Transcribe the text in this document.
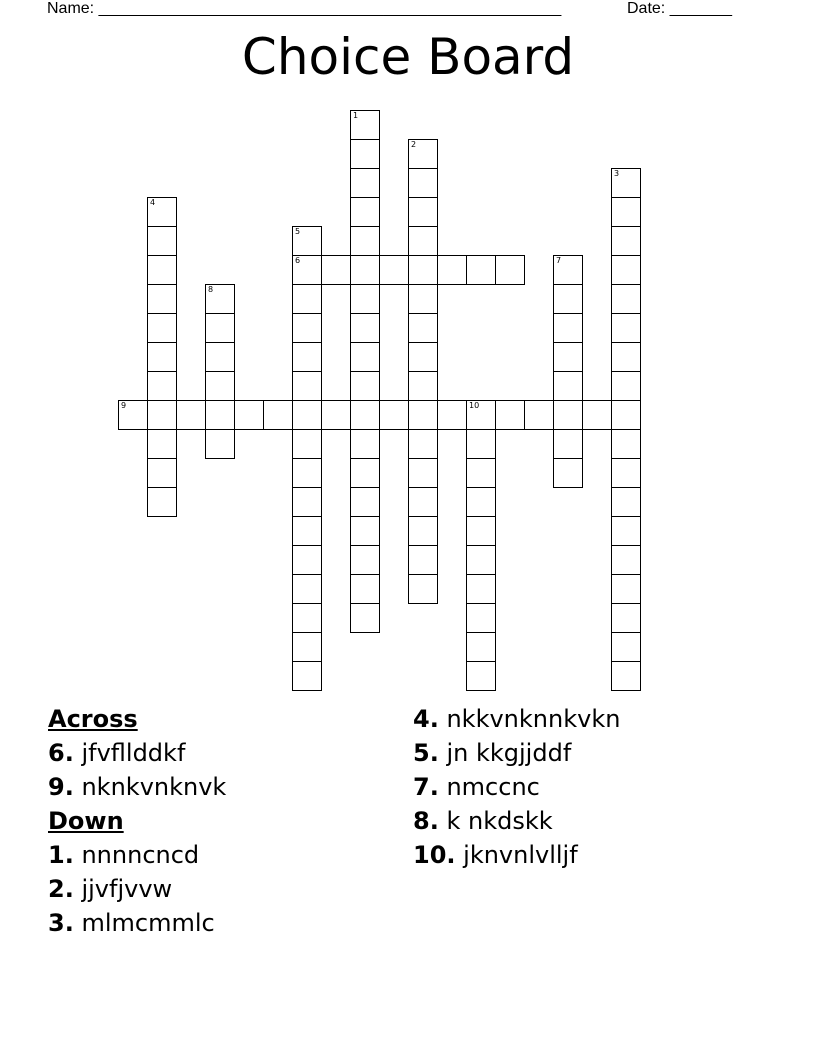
Name: ____________________________________________________	Date: _______
Choice Board
1
2
3
4
5
6	7
8
9	10
Across
6. jfvfllddkf
9. nknkvnknvk
Down
1. nnnncncd
2. jjvfjvvw
3. mlmcmmlc
4. nkkvnknnkvkn
5. jn kkgjjddf
7. nmccnc
8. k nkdskk
10. jknvnlvlljf
